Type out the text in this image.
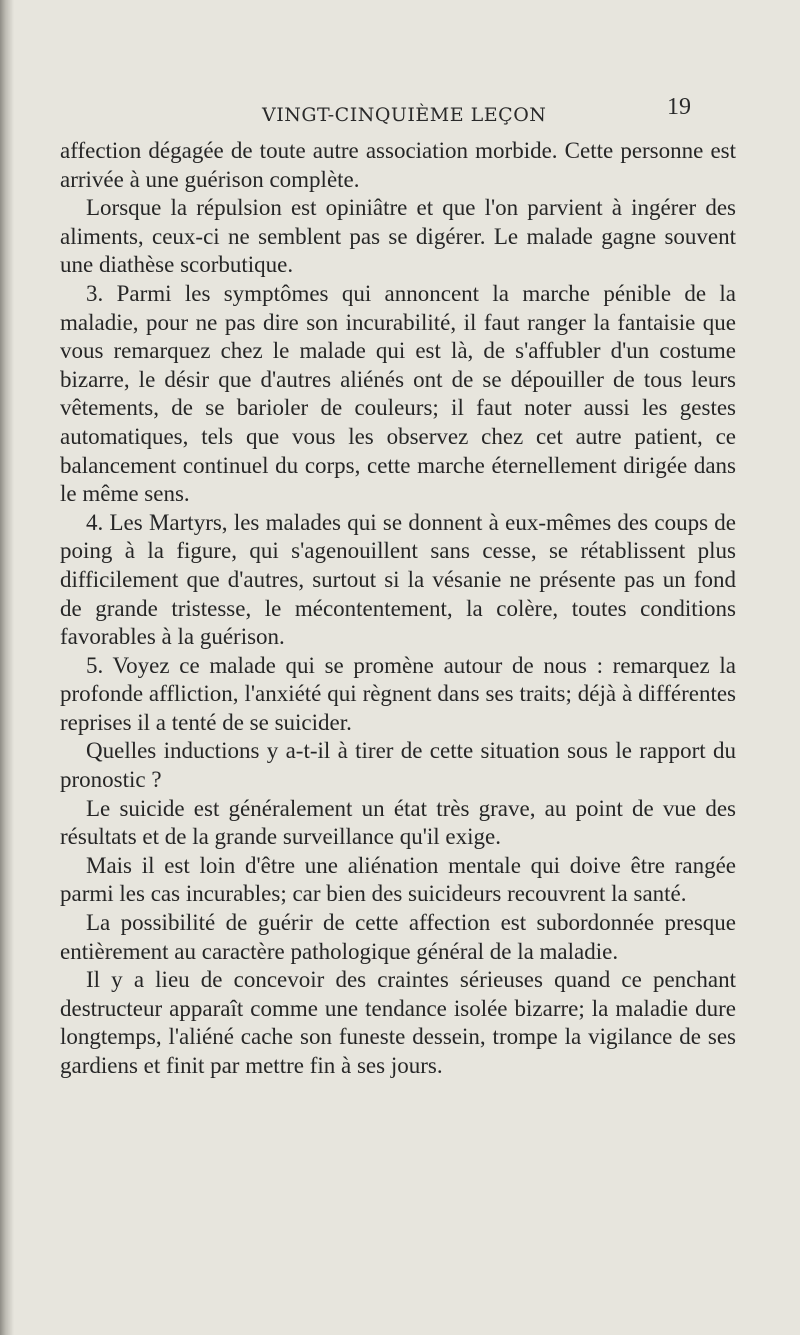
VINGT-CINQUIÈME LEÇON	19

affection dégagée de toute autre association morbide. Cette personne est arrivée à une guérison complète.

Lorsque la répulsion est opiniâtre et que l'on parvient à ingérer des aliments, ceux-ci ne semblent pas se digérer. Le malade gagne souvent une diathèse scorbutique.

3. Parmi les symptômes qui annoncent la marche pénible de la maladie, pour ne pas dire son incurabilité, il faut ranger la fantaisie que vous remarquez chez le malade qui est là, de s'affubler d'un costume bizarre, le désir que d'autres aliénés ont de se dépouiller de tous leurs vêtements, de se barioler de couleurs; il faut noter aussi les gestes automatiques, tels que vous les observez chez cet autre patient, ce balancement continuel du corps, cette marche éternellement dirigée dans le même sens.

4. Les Martyrs, les malades qui se donnent à eux-mêmes des coups de poing à la figure, qui s'agenouillent sans cesse, se rétablissent plus difficilement que d'autres, surtout si la vésanie ne présente pas un fond de grande tristesse, le mécontentement, la colère, toutes conditions favorables à la guérison.

5. Voyez ce malade qui se promène autour de nous : remarquez la profonde affliction, l'anxiété qui règnent dans ses traits; déjà à différentes reprises il a tenté de se suicider.

Quelles inductions y a-t-il à tirer de cette situation sous le rapport du pronostic ?

Le suicide est généralement un état très grave, au point de vue des résultats et de la grande surveillance qu'il exige.

Mais il est loin d'être une aliénation mentale qui doive être rangée parmi les cas incurables; car bien des suicideurs recouvrent la santé.

La possibilité de guérir de cette affection est subordonnée presque entièrement au caractère pathologique général de la maladie.

Il y a lieu de concevoir des craintes sérieuses quand ce penchant destructeur apparaît comme une tendance isolée bizarre; la maladie dure longtemps, l'aliéné cache son funeste dessein, trompe la vigilance de ses gardiens et finit par mettre fin à ses jours.
